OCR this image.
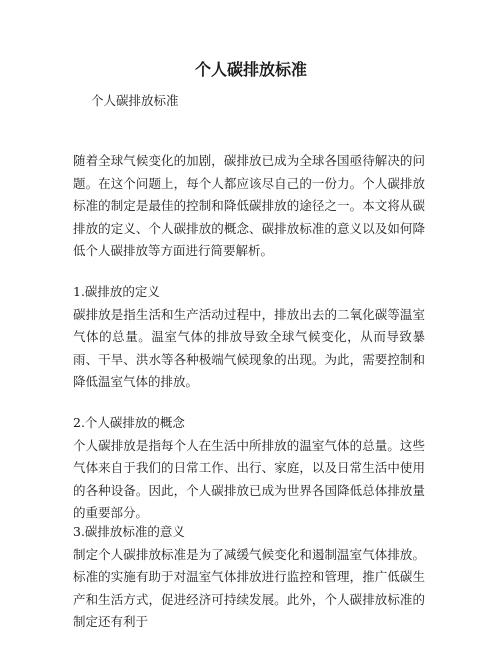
个人碳排放标准
个人碳排放标准

随着全球气候变化的加剧，碳排放已成为全球各国亟待解决的问题。在这个问题上，每个人都应该尽自己的一份力。个人碳排放标准的制定是最佳的控制和降低碳排放的途径之一。本文将从碳排放的定义、个人碳排放的概念、碳排放标准的意义以及如何降低个人碳排放等方面进行简要解析。

1.碳排放的定义

碳排放是指生活和生产活动过程中，排放出去的二氧化碳等温室气体的总量。温室气体的排放导致全球气候变化，从而导致暴雨、干旱、洪水等各种极端气候现象的出现。为此，需要控制和降低温室气体的排放。

2.个人碳排放的概念

个人碳排放是指每个人在生活中所排放的温室气体的总量。这些气体来自于我们的日常工作、出行、家庭，以及日常生活中使用的各种设备。因此，个人碳排放已成为世界各国降低总体排放量的重要部分。

3.碳排放标准的意义

制定个人碳排放标准是为了减缓气候变化和遏制温室气体排放。标准的实施有助于对温室气体排放进行监控和管理，推广低碳生产和生活方式，促进经济可持续发展。此外，个人碳排放标准的制定还有利于
